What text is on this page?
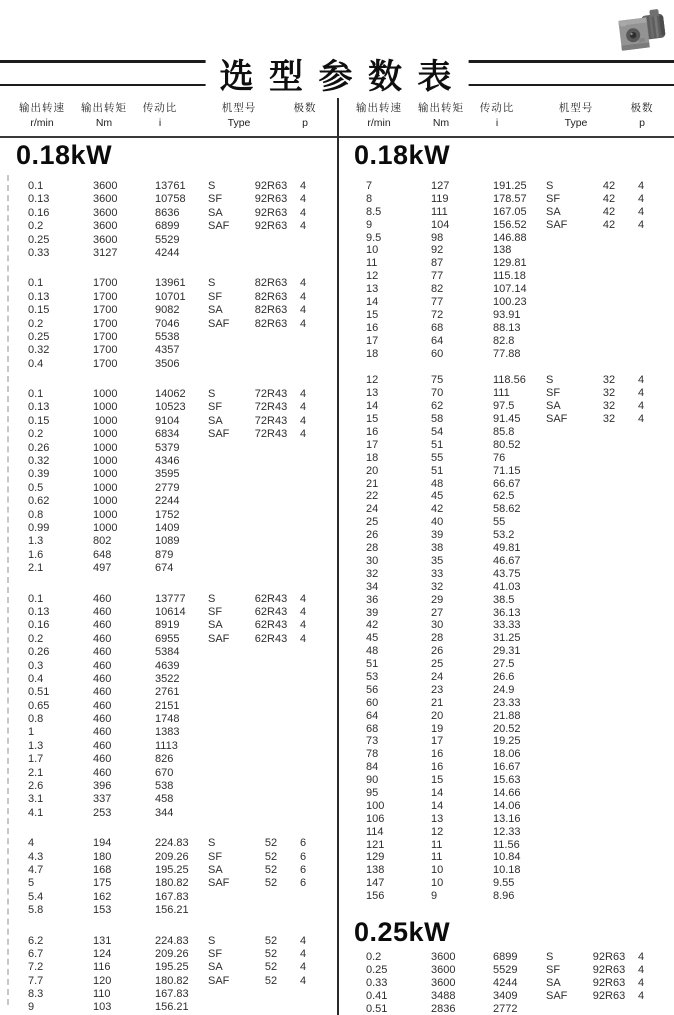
选 型 参 数 表
输出转速
r/min
输出转矩
Nm
传动比
i
机型号
Type
极数
p
输出转速
r/min
输出转矩
Nm
传动比
i
机型号
Type
极数
p
0.18kW
0.1	3600	13761	S	92R63	4
0.13	3600	10758	SF	92R63	4
0.16	3600	8636	SA	92R63	4
0.2	3600	6899	SAF	92R63	4
0.25	3600	5529
0.33	3127	4244
0.1	1700	13961	S	82R63	4
0.13	1700	10701	SF	82R63	4
0.15	1700	9082	SA	82R63	4
0.2	1700	7046	SAF	82R63	4
0.25	1700	5538
0.32	1700	4357
0.4	1700	3506
0.1	1000	14062	S	72R43	4
0.13	1000	10523	SF	72R43	4
0.15	1000	9104	SA	72R43	4
0.2	1000	6834	SAF	72R43	4
0.26	1000	5379
0.32	1000	4346
0.39	1000	3595
0.5	1000	2779
0.62	1000	2244
0.8	1000	1752
0.99	1000	1409
1.3	802	1089
1.6	648	879
2.1	497	674
0.1	460	13777	S	62R43	4
0.13	460	10614	SF	62R43	4
0.16	460	8919	SA	62R43	4
0.2	460	6955	SAF	62R43	4
0.26	460	5384
0.3	460	4639
0.4	460	3522
0.51	460	2761
0.65	460	2151
0.8	460	1748
1	460	1383
1.3	460	1113
1.7	460	826
2.1	460	670
2.6	396	538
3.1	337	458
4.1	253	344
4	194	224.83	S	52	6
4.3	180	209.26	SF	52	6
4.7	168	195.25	SA	52	6
5	175	180.82	SAF	52	6
5.4	162	167.83
5.8	153	156.21
6.2	131	224.83	S	52	4
6.7	124	209.26	SF	52	4
7.2	116	195.25	SA	52	4
7.7	120	180.82	SAF	52	4
8.3	110	167.83
9	103	156.21
0.18kW
7	127	191.25	S	42	4
8	119	178.57	SF	42	4
8.5	111	167.05	SA	42	4
9	104	156.52	SAF	42	4
9.5	98	146.88
10	92	138
11	87	129.81
12	77	115.18
13	82	107.14
14	77	100.23
15	72	93.91
16	68	88.13
17	64	82.8
18	60	77.88
12	75	118.56	S	32	4
13	70	111	SF	32	4
14	62	97.5	SA	32	4
15	58	91.45	SAF	32	4
16	54	85.8
17	51	80.52
18	55	76
20	51	71.15
21	48	66.67
22	45	62.5
24	42	58.62
25	40	55
26	39	53.2
28	38	49.81
30	35	46.67
32	33	43.75
34	32	41.03
36	29	38.5
39	27	36.13
42	30	33.33
45	28	31.25
48	26	29.31
51	25	27.5
53	24	26.6
56	23	24.9
60	21	23.33
64	20	21.88
68	19	20.52
73	17	19.25
78	16	18.06
84	16	16.67
90	15	15.63
95	14	14.66
100	14	14.06
106	13	13.16
114	12	12.33
121	11	11.56
129	11	10.84
138	10	10.18
147	10	9.55
156	9	8.96
0.25kW
0.2	3600	6899	S	92R63	4
0.25	3600	5529	SF	92R63	4
0.33	3600	4244	SA	92R63	4
0.41	3488	3409	SAF	92R63	4
0.51	2836	2772
